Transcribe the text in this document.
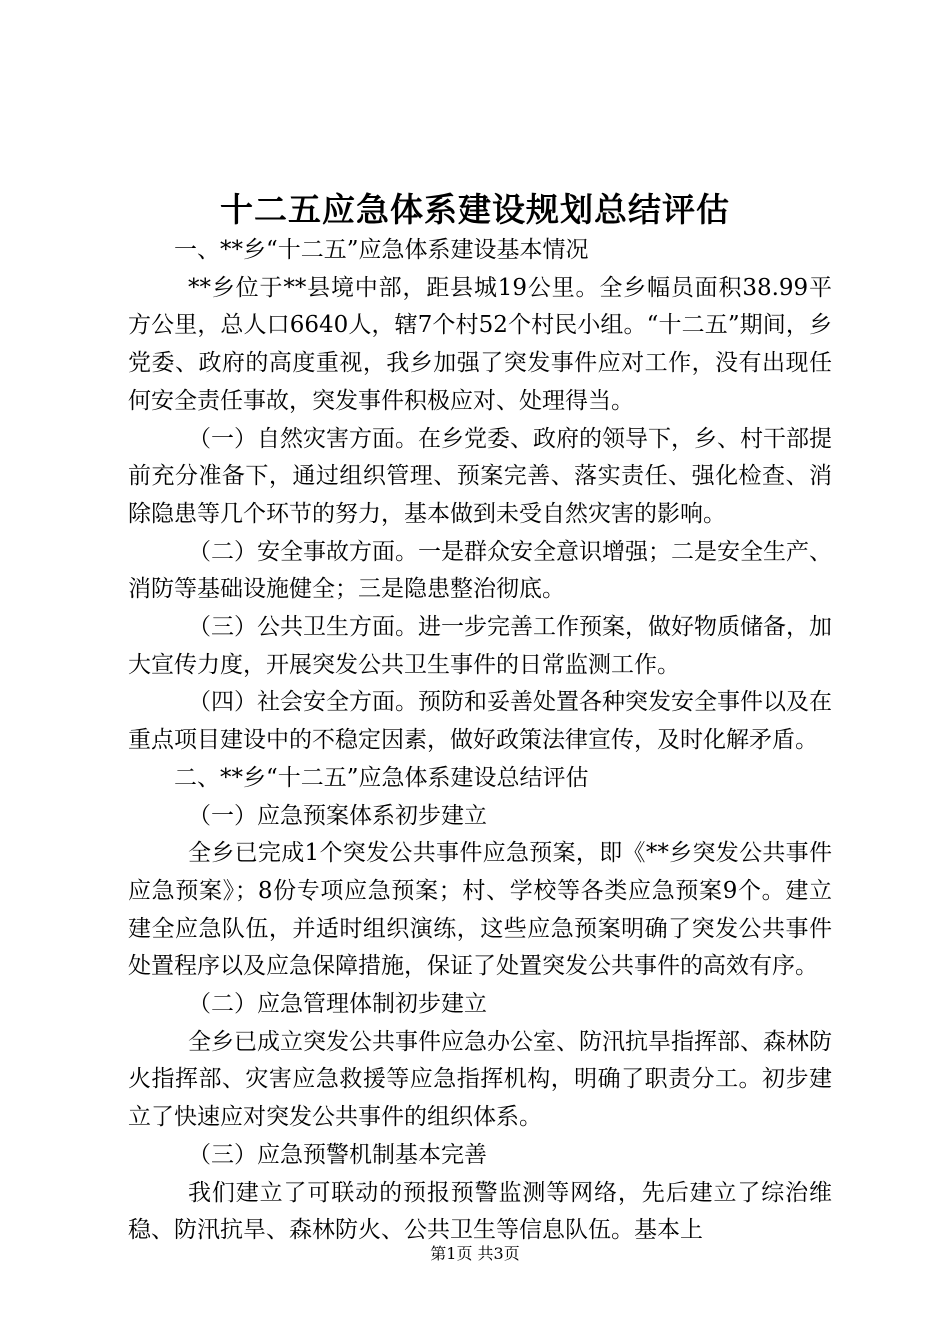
十二五应急体系建设规划总结评估

一、**乡“十二五”应急体系建设基本情况

**乡位于**县境中部，距县城19公里。全乡幅员面积38.99平方公里，总人口6640人，辖7个村52个村民小组。“十二五”期间，乡党委、政府的高度重视，我乡加强了突发事件应对工作，没有出现任何安全责任事故，突发事件积极应对、处理得当。

（一）自然灾害方面。在乡党委、政府的领导下，乡、村干部提前充分准备下，通过组织管理、预案完善、落实责任、强化检查、消除隐患等几个环节的努力，基本做到未受自然灾害的影响。

（二）安全事故方面。一是群众安全意识增强；二是安全生产、消防等基础设施健全；三是隐患整治彻底。

（三）公共卫生方面。进一步完善工作预案，做好物质储备，加大宣传力度，开展突发公共卫生事件的日常监测工作。

（四）社会安全方面。预防和妥善处置各种突发安全事件以及在重点项目建设中的不稳定因素，做好政策法律宣传，及时化解矛盾。

二、**乡“十二五”应急体系建设总结评估

（一）应急预案体系初步建立

全乡已完成1个突发公共事件应急预案，即《**乡突发公共事件应急预案》；8份专项应急预案；村、学校等各类应急预案9个。建立建全应急队伍，并适时组织演练，这些应急预案明确了突发公共事件处置程序以及应急保障措施，保证了处置突发公共事件的高效有序。

（二）应急管理体制初步建立

全乡已成立突发公共事件应急办公室、防汛抗旱指挥部、森林防火指挥部、灾害应急救援等应急指挥机构，明确了职责分工。初步建立了快速应对突发公共事件的组织体系。

（三）应急预警机制基本完善

我们建立了可联动的预报预警监测等网络，先后建立了综治维稳、防汛抗旱、森林防火、公共卫生等信息队伍。基本上

第1页 共3页
